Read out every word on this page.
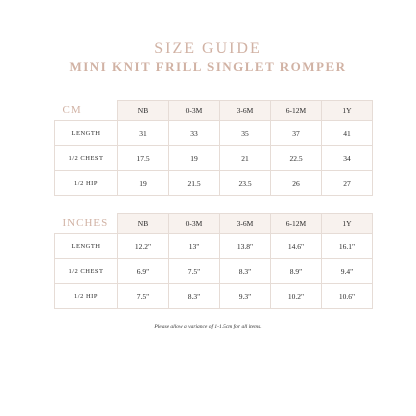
SIZE GUIDE
MINI KNIT FRILL SINGLET ROMPER
CM	NB	0-3M	3-6M	6-12M	1Y
LENGTH	31	33	35	37	41
1/2 CHEST	17.5	19	21	22.5	34
1/2 HIP	19	21.5	23.5	26	27
INCHES	NB	0-3M	3-6M	6-12M	1Y
LENGTH	12.2"	13"	13.8"	14.6"	16.1"
1/2 CHEST	6.9"	7.5"	8.3"	8.9"	9.4"
1/2 HIP	7.5"	8.3"	9.3"	10.2"	10.6"

Please allow a variance of 1-1.5cm for all items.
